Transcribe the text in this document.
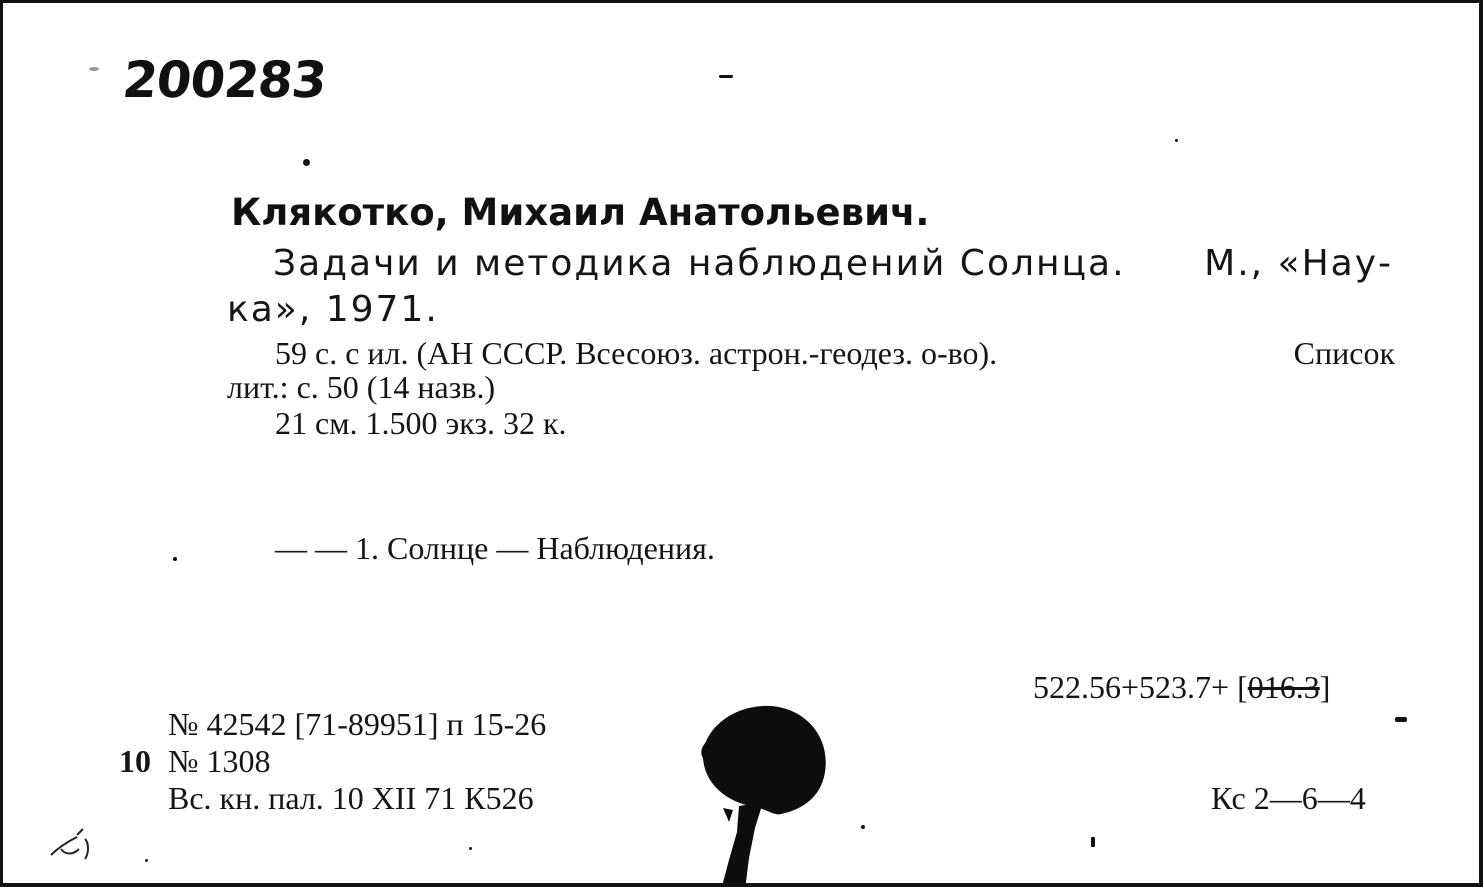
200283
Клякотко, Михаил Анатольевич.
Задачи и методика наблюдений Солнца. М., «Нау-
ка», 1971.
59 с. с ил. (АН СССР. Всесоюз. астрон.-геодез. о-во).	Список
лит.: с. 50 (14 назв.)
21 см. 1.500 экз. 32 к.
— — 1. Солнце — Наблюдения.
522.56+523.7+ [016.3]
№ 42542 [71-89951] п 15-26
10 № 1308
Вс. кн. пал. 10 XII 71 К526	Кс 2—6—4
